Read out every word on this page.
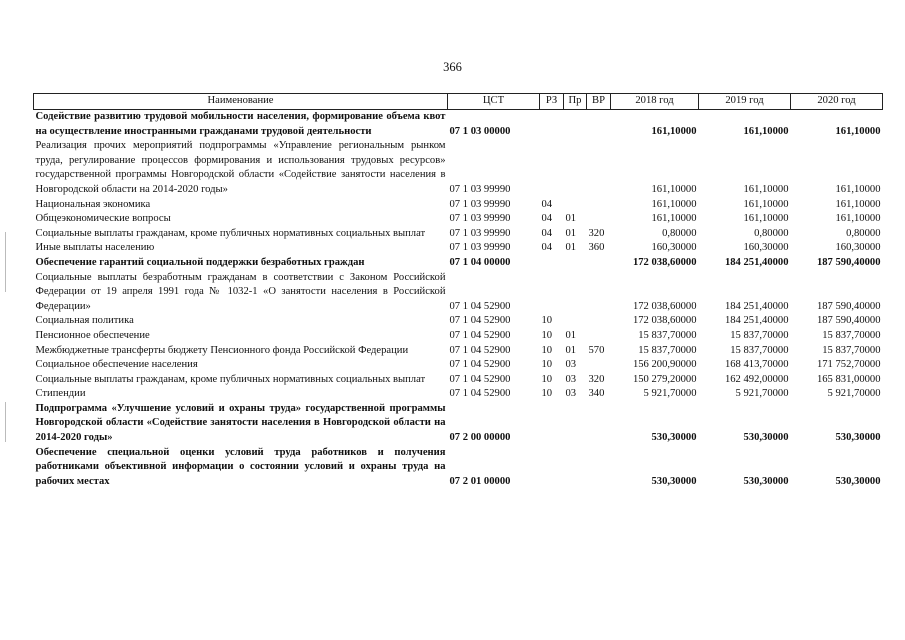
366
Наименование	ЦСТ	РЗ	Пр	ВР	2018 год	2019 год	2020 год
Содействие развитию трудовой мобильности населения, формирование объема квот на осуществление иностранными гражданами трудовой деятельности	07 1 03 00000				161,10000	161,10000	161,10000
Реализация прочих мероприятий подпрограммы «Управление региональным рынком труда, регулирование процессов формирования и использования трудовых ресурсов» государственной программы Новгородской области «Содействие занятости населения в Новгородской области на 2014-2020 годы»	07 1 03 99990				161,10000	161,10000	161,10000
Национальная экономика	07 1 03 99990	04			161,10000	161,10000	161,10000
Общеэкономические вопросы	07 1 03 99990	04	01		161,10000	161,10000	161,10000
Социальные выплаты гражданам, кроме публичных нормативных социальных выплат	07 1 03 99990	04	01	320	0,80000	0,80000	0,80000
Иные выплаты населению	07 1 03 99990	04	01	360	160,30000	160,30000	160,30000
Обеспечение гарантий социальной поддержки безработных граждан	07 1 04 00000				172 038,60000	184 251,40000	187 590,40000
Социальные выплаты безработным гражданам в соответствии с Законом Российской Федерации от 19 апреля 1991 года № 1032-1 «О занятости населения в Российской Федерации»	07 1 04 52900				172 038,60000	184 251,40000	187 590,40000
Социальная политика	07 1 04 52900	10			172 038,60000	184 251,40000	187 590,40000
Пенсионное обеспечение	07 1 04 52900	10	01		15 837,70000	15 837,70000	15 837,70000
Межбюджетные трансферты бюджету Пенсионного фонда Российской Федерации	07 1 04 52900	10	01	570	15 837,70000	15 837,70000	15 837,70000
Социальное обеспечение населения	07 1 04 52900	10	03		156 200,90000	168 413,70000	171 752,70000
Социальные выплаты гражданам, кроме публичных нормативных социальных выплат	07 1 04 52900	10	03	320	150 279,20000	162 492,00000	165 831,00000
Стипендии	07 1 04 52900	10	03	340	5 921,70000	5 921,70000	5 921,70000
Подпрограмма «Улучшение условий и охраны труда» государственной программы Новгородской области «Содействие занятости населения в Новгородской области на 2014-2020 годы»	07 2 00 00000				530,30000	530,30000	530,30000
Обеспечение специальной оценки условий труда работников и получения работниками объективной информации о состоянии условий и охраны труда на рабочих местах	07 2 01 00000				530,30000	530,30000	530,30000
